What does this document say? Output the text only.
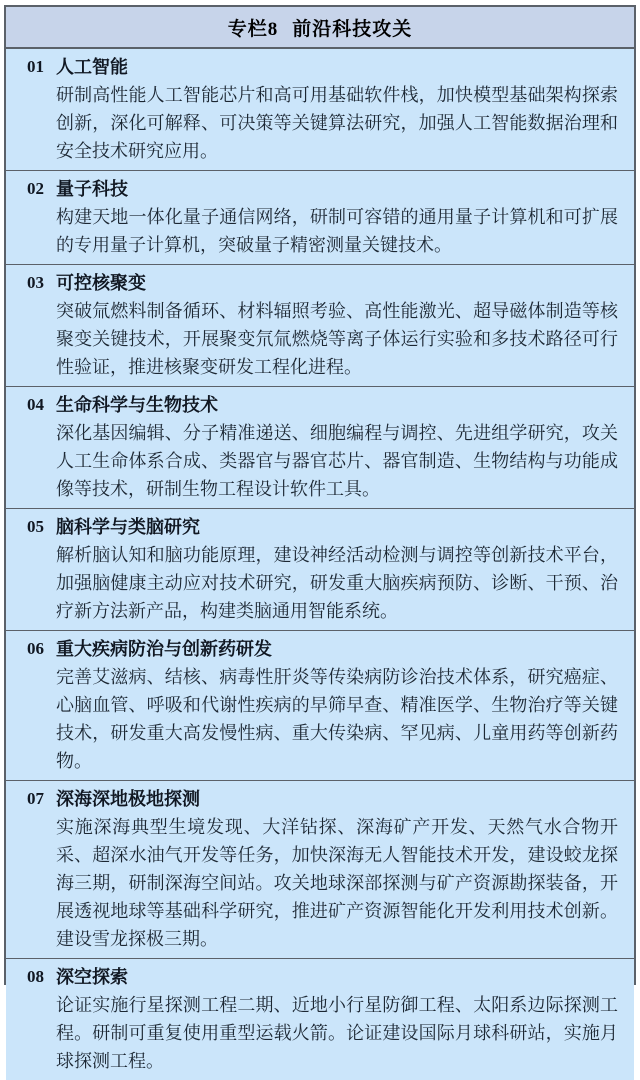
专栏8 前沿科技攻关
01 人工智能
研制高性能人工智能芯片和高可用基础软件栈，加快模型基础架构探索创新，深化可解释、可决策等关键算法研究，加强人工智能数据治理和安全技术研究应用。
02 量子科技
构建天地一体化量子通信网络，研制可容错的通用量子计算机和可扩展的专用量子计算机，突破量子精密测量关键技术。
03 可控核聚变
突破氚燃料制备循环、材料辐照考验、高性能激光、超导磁体制造等核聚变关键技术，开展聚变氘氚燃烧等离子体运行实验和多技术路径可行性验证，推进核聚变研发工程化进程。
04 生命科学与生物技术
深化基因编辑、分子精准递送、细胞编程与调控、先进组学研究，攻关人工生命体系合成、类器官与器官芯片、器官制造、生物结构与功能成像等技术，研制生物工程设计软件工具。
05 脑科学与类脑研究
解析脑认知和脑功能原理，建设神经活动检测与调控等创新技术平台，加强脑健康主动应对技术研究，研发重大脑疾病预防、诊断、干预、治疗新方法新产品，构建类脑通用智能系统。
06 重大疾病防治与创新药研发
完善艾滋病、结核、病毒性肝炎等传染病防诊治技术体系，研究癌症、心脑血管、呼吸和代谢性疾病的早筛早查、精准医学、生物治疗等关键技术，研发重大高发慢性病、重大传染病、罕见病、儿童用药等创新药物。
07 深海深地极地探测
实施深海典型生境发现、大洋钻探、深海矿产开发、天然气水合物开采、超深水油气开发等任务，加快深海无人智能技术开发，建设蛟龙探海三期，研制深海空间站。攻关地球深部探测与矿产资源勘探装备，开展透视地球等基础科学研究，推进矿产资源智能化开发利用技术创新。建设雪龙探极三期。
08 深空探索
论证实施行星探测工程二期、近地小行星防御工程、太阳系边际探测工程。研制可重复使用重型运载火箭。论证建设国际月球科研站，实施月球探测工程。
